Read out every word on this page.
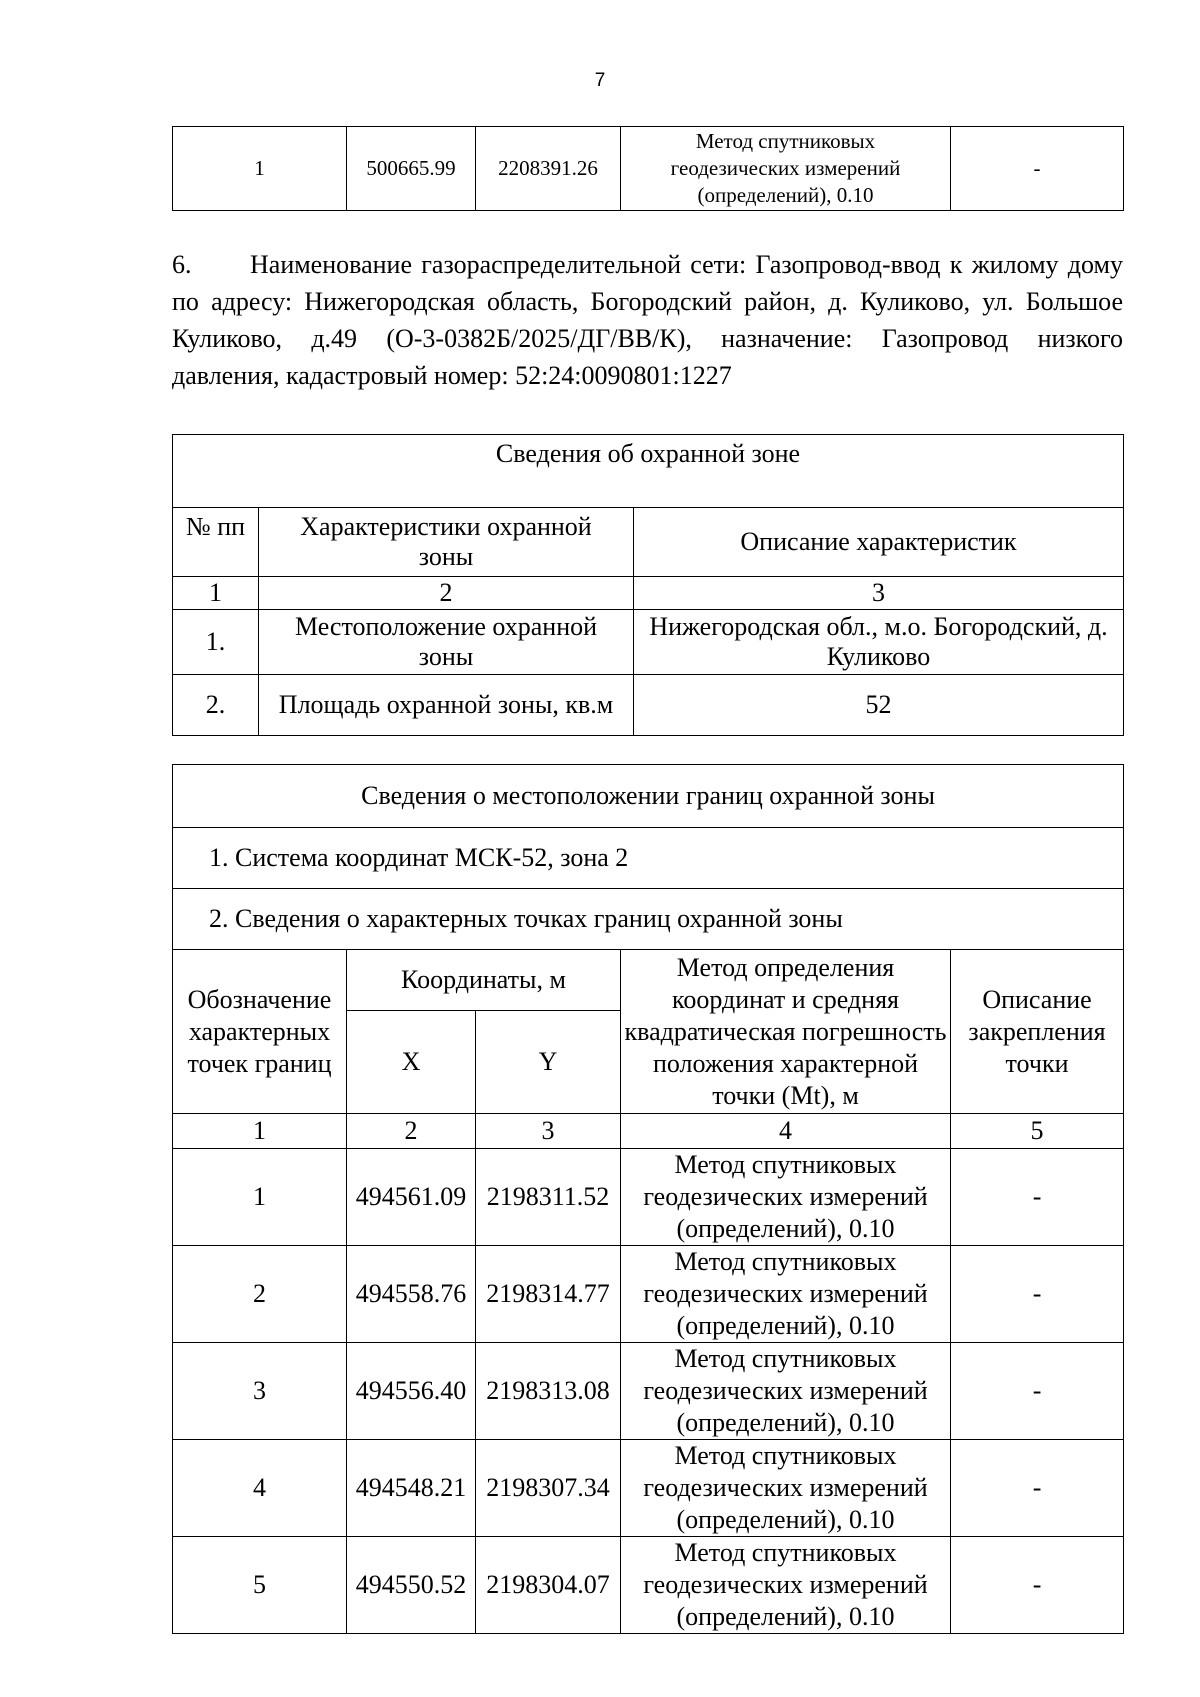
7
1	500665.99	2208391.26	Метод спутниковых геодезических измерений (определений), 0.10	-
6. Наименование газораспределительной сети: Газопровод-ввод к жилому дому по адресу: Нижегородская область, Богородский район, д. Куликово, ул. Большое Куликово, д.49 (О-3-0382Б/2025/ДГ/ВВ/К), назначение: Газопровод низкого давления, кадастровый номер: 52:24:0090801:1227
Сведения об охранной зоне		
№ пп	Характеристики охранной зоны	Описание характеристик
1	2	3
1.	Местоположение охранной зоны	Нижегородская обл., м.о. Богородский, д. Куликово
2.	Площадь охранной зоны, кв.м	52
Сведения о местоположении границ охранной зоны				
1. Система координат МСК-52, зона 2				
2. Сведения о характерных точках границ охранной зоны				
Обозначение характерных точек границ	Координаты, м		Метод определения координат и средняя квадратическая погрешность положения характерной точки (Mt), м	Описание закрепления точки
	X	Y		
1	2	3	4	5
1	494561.09	2198311.52	Метод спутниковых геодезических измерений (определений), 0.10	-
2	494558.76	2198314.77	Метод спутниковых геодезических измерений (определений), 0.10	-
3	494556.40	2198313.08	Метод спутниковых геодезических измерений (определений), 0.10	-
4	494548.21	2198307.34	Метод спутниковых геодезических измерений (определений), 0.10	-
5	494550.52	2198304.07	Метод спутниковых геодезических измерений (определений), 0.10	-
